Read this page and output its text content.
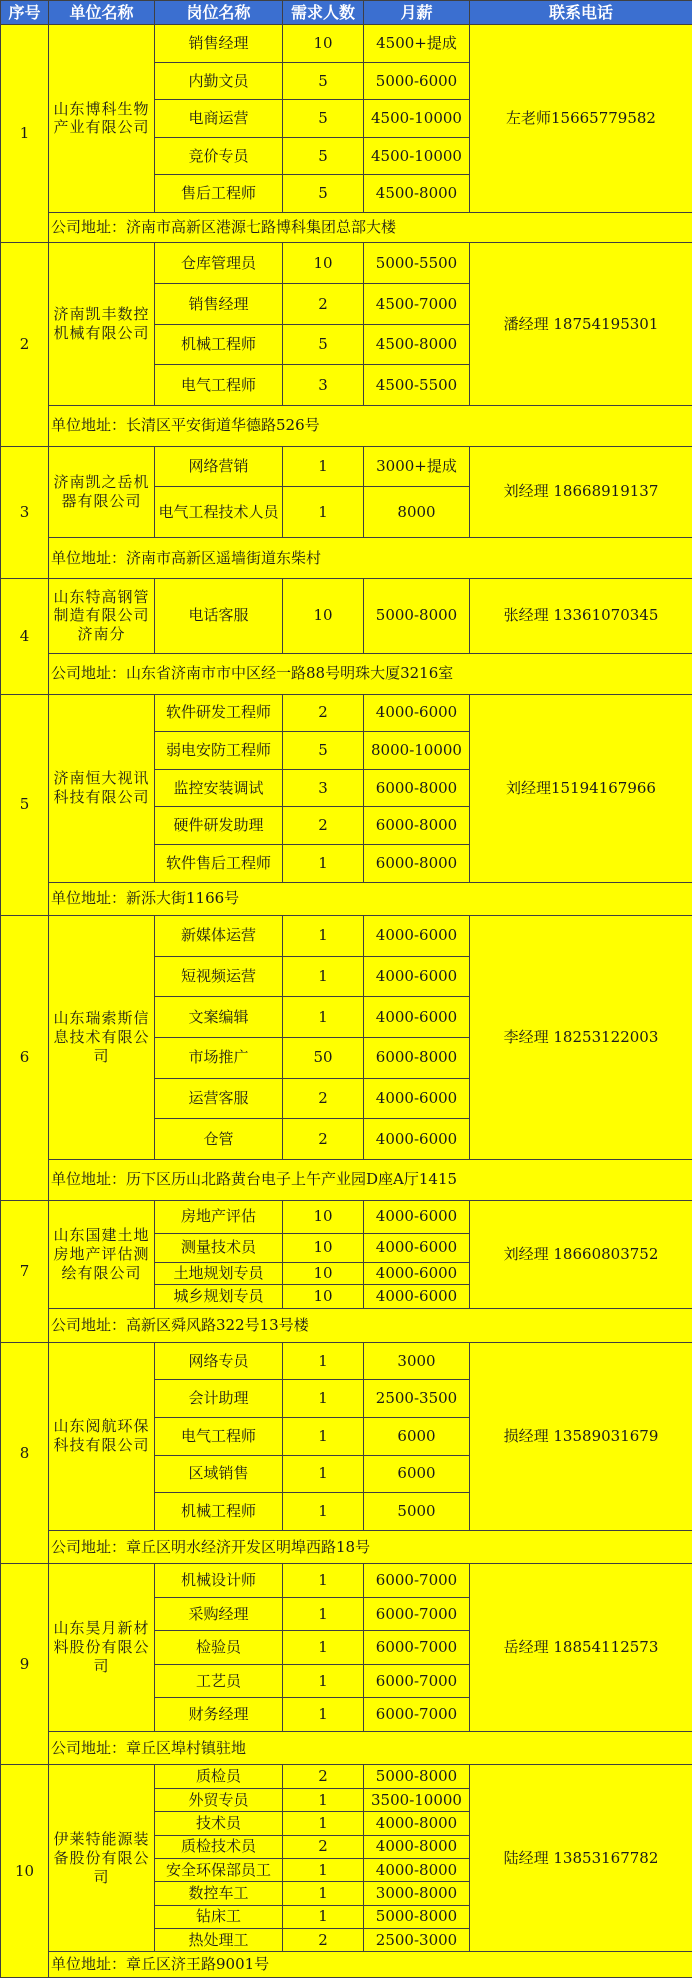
序号	单位名称	岗位名称	需求人数	月薪	联系电话
1	山东博科生物产业有限公司	销售经理	10	4500+提成	左老师15665779582
		内勤文员	5	5000-6000	
		电商运营	5	4500-10000	
		竞价专员	5	4500-10000	
		售后工程师	5	4500-8000	
	公司地址：济南市高新区港源七路博科集团总部大楼				
2	济南凯丰数控机械有限公司	仓库管理员	10	5000-5500	潘经理 18754195301
		销售经理	2	4500-7000	
		机械工程师	5	4500-8000	
		电气工程师	3	4500-5500	
	单位地址：长清区平安街道华德路526号				
3	济南凯之岳机器有限公司	网络营销	1	3000+提成	刘经理 18668919137
		电气工程技术人员	1	8000	
	单位地址：济南市高新区遥墙街道东柴村				
4	山东特高钢管制造有限公司济南分	电话客服	10	5000-8000	张经理 13361070345
	公司地址：山东省济南市市中区经一路88号明珠大厦3216室				
5	济南恒大视讯科技有限公司	软件研发工程师	2	4000-6000	刘经理15194167966
		弱电安防工程师	5	8000-10000	
		监控安装调试	3	6000-8000	
		硬件研发助理	2	6000-8000	
		软件售后工程师	1	6000-8000	
	单位地址：新泺大街1166号				
6	山东瑞索斯信息技术有限公司	新媒体运营	1	4000-6000	李经理 18253122003
		短视频运营	1	4000-6000	
		文案编辑	1	4000-6000	
		市场推广	50	6000-8000	
		运营客服	2	4000-6000	
		仓管	2	4000-6000	
	单位地址：历下区历山北路黄台电子上午产业园D座A厅1415				
7	山东国建土地房地产评估测绘有限公司	房地产评估	10	4000-6000	刘经理 18660803752
		测量技术员	10	4000-6000	
		土地规划专员	10	4000-6000	
		城乡规划专员	10	4000-6000	
	公司地址：高新区舜风路322号13号楼				
8	山东阅航环保科技有限公司	网络专员	1	3000	损经理 13589031679
		会计助理	1	2500-3500	
		电气工程师	1	6000	
		区域销售	1	6000	
		机械工程师	1	5000	
	公司地址：章丘区明水经济开发区明埠西路18号				
9	山东昊月新材料股份有限公司	机械设计师	1	6000-7000	岳经理 18854112573
		采购经理	1	6000-7000	
		检验员	1	6000-7000	
		工艺员	1	6000-7000	
		财务经理	1	6000-7000	
	公司地址：章丘区埠村镇驻地				
10	伊莱特能源装备股份有限公司	质检员	2	5000-8000	陆经理 13853167782
		外贸专员	1	3500-10000	
		技术员	1	4000-8000	
		质检技术员	2	4000-8000	
		安全环保部员工	1	4000-8000	
		数控车工	1	3000-8000	
		钻床工	1	5000-8000	
		热处理工	2	2500-3000	
	单位地址：章丘区济王路9001号				
